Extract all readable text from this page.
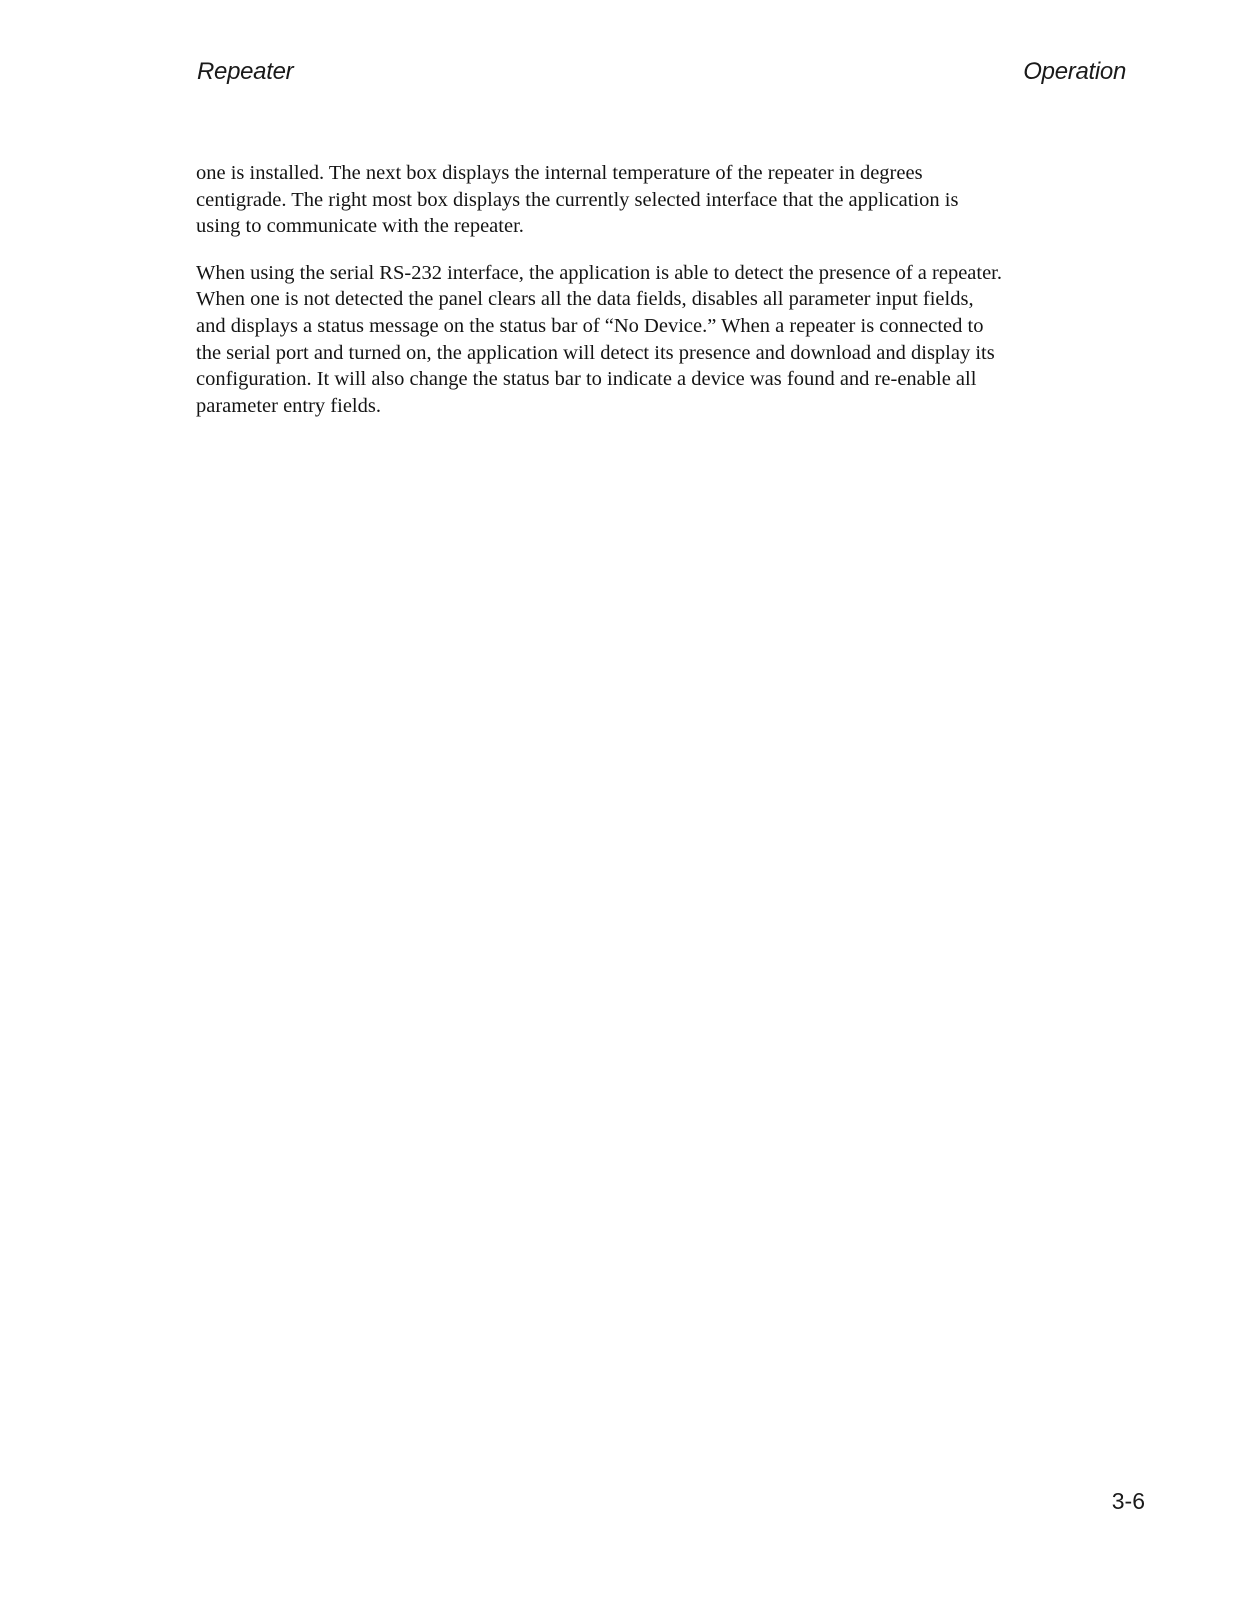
Repeater	Operation

one is installed. The next box displays the internal temperature of the repeater in degrees
centigrade. The right most box displays the currently selected interface that the application is
using to communicate with the repeater.

When using the serial RS-232 interface, the application is able to detect the presence of a repeater.
When one is not detected the panel clears all the data fields, disables all parameter input fields,
and displays a status message on the status bar of “No Device.” When a repeater is connected to
the serial port and turned on, the application will detect its presence and download and display its
configuration. It will also change the status bar to indicate a device was found and re-enable all
parameter entry fields.

3-6
